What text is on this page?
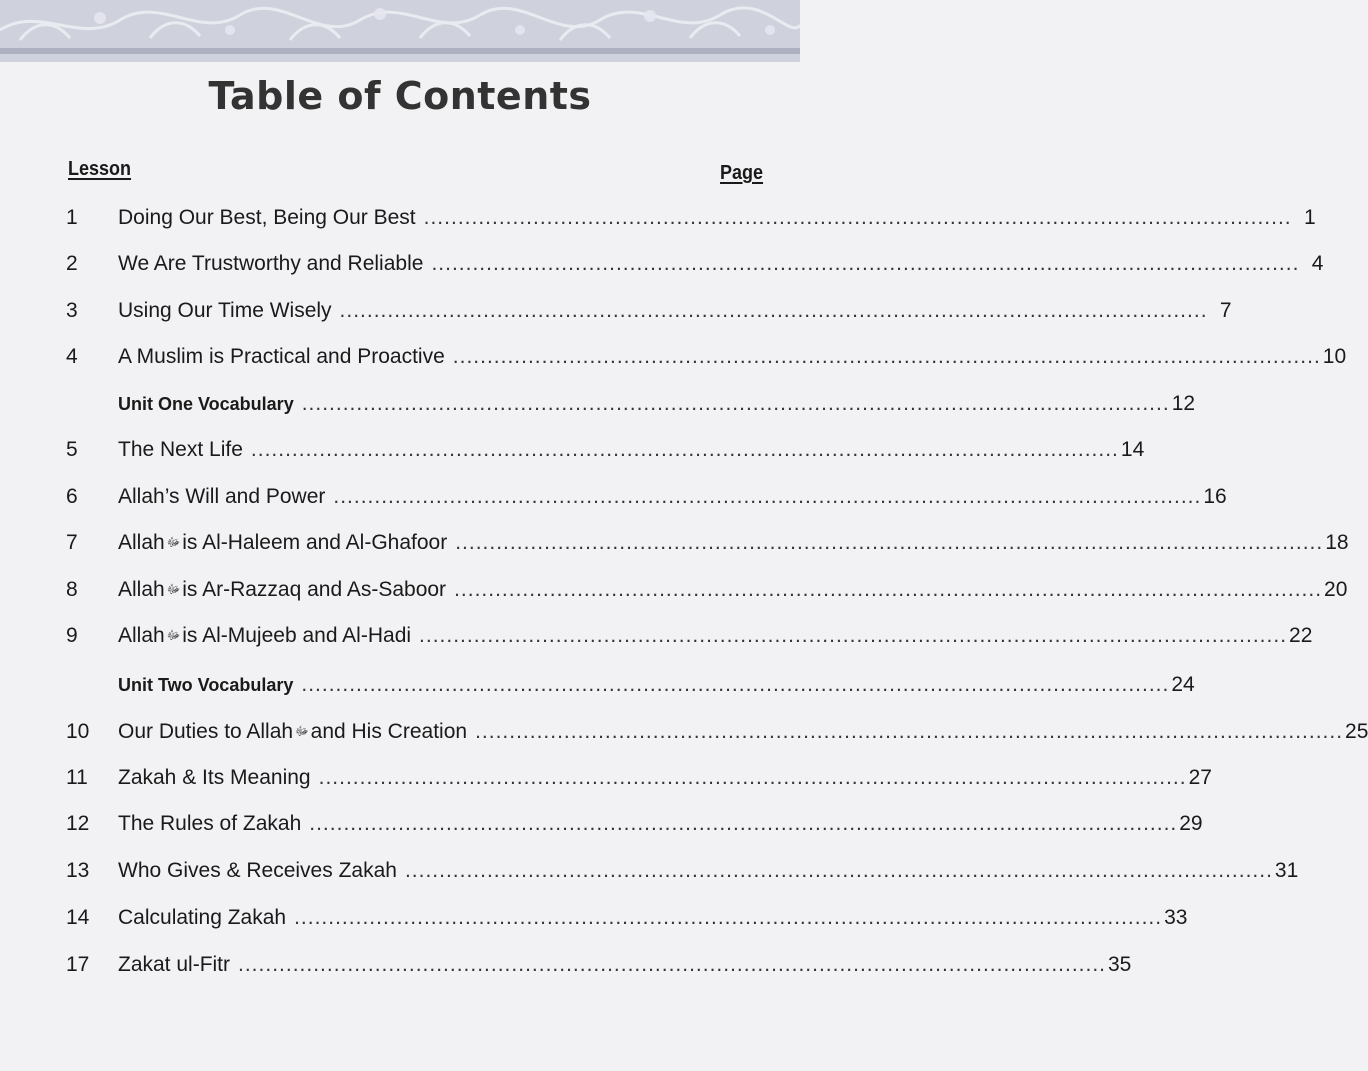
Table of Contents
Lesson	Page
1	Doing Our Best, Being Our Best ............................................................................................................................... 1
2	We Are Trustworthy and Reliable ............................................................................................................................... 4
3	Using Our Time Wisely ............................................................................................................................... 7
4	A Muslim is Practical and Proactive ............................................................................................................................... 10
Unit One Vocabulary ............................................................................................................................... 12
5	The Next Life ............................................................................................................................... 14
6	Allah’s Will and Power ............................................................................................................................... 16
7	Allah ﷻis Al-Haleem and Al-Ghafoor ............................................................................................................................... 18
8	Allah ﷻis Ar-Razzaq and As-Saboor ............................................................................................................................... 20
9	Allah ﷻis Al-Mujeeb and Al-Hadi ............................................................................................................................... 22
Unit Two Vocabulary ............................................................................................................................... 24
10	Our Duties to Allah ﷻand His Creation ............................................................................................................................... 25
11	Zakah & Its Meaning ............................................................................................................................... 27
12	The Rules of Zakah ............................................................................................................................... 29
13	Who Gives & Receives Zakah ............................................................................................................................... 31
14	Calculating Zakah ............................................................................................................................... 33
17	Zakat ul-Fitr ............................................................................................................................... 35
